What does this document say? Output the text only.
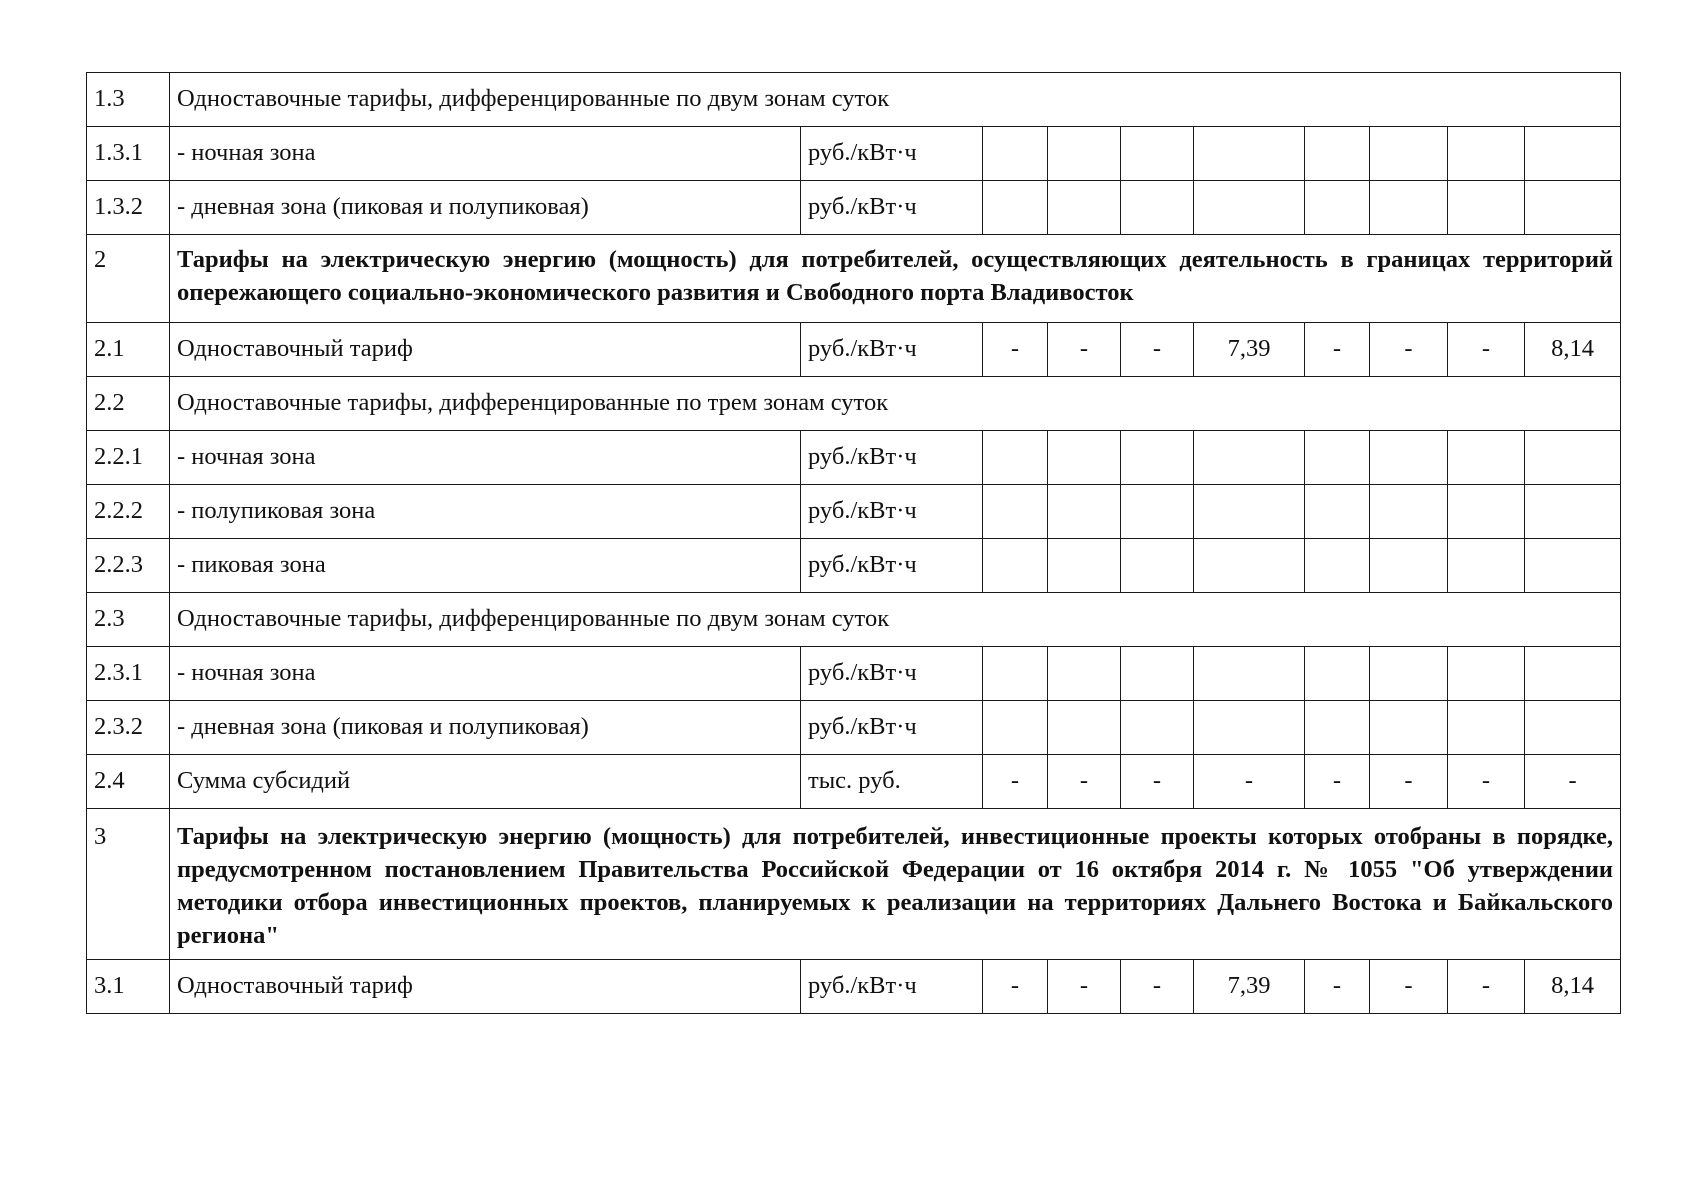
1.3	Одноставочные тарифы, дифференцированные по двум зонам суток									
1.3.1	- ночная зона	руб./кВт·ч								
1.3.2	- дневная зона (пиковая и полупиковая)	руб./кВт·ч								
2	Тарифы на электрическую энергию (мощность) для потребителей, осуществляющих деятельность в границах территорий опережающего социально-экономического развития и Свободного порта Владивосток									
2.1	Одноставочный тариф	руб./кВт·ч	-	-	-	7,39	-	-	-	8,14
2.2	Одноставочные тарифы, дифференцированные по трем зонам суток									
2.2.1	- ночная зона	руб./кВт·ч								
2.2.2	- полупиковая зона	руб./кВт·ч								
2.2.3	- пиковая зона	руб./кВт·ч								
2.3	Одноставочные тарифы, дифференцированные по двум зонам суток									
2.3.1	- ночная зона	руб./кВт·ч								
2.3.2	- дневная зона (пиковая и полупиковая)	руб./кВт·ч								
2.4	Сумма субсидий	тыс. руб.	-	-	-	-	-	-	-	-
3	Тарифы на электрическую энергию (мощность) для потребителей, инвестиционные проекты которых отобраны в порядке, предусмотренном постановлением Правительства Российской Федерации от 16 октября 2014 г. № 1055 "Об утверждении методики отбора инвестиционных проектов, планируемых к реализации на территориях Дальнего Востока и Байкальского региона"									
3.1	Одноставочный тариф	руб./кВт·ч	-	-	-	7,39	-	-	-	8,14
